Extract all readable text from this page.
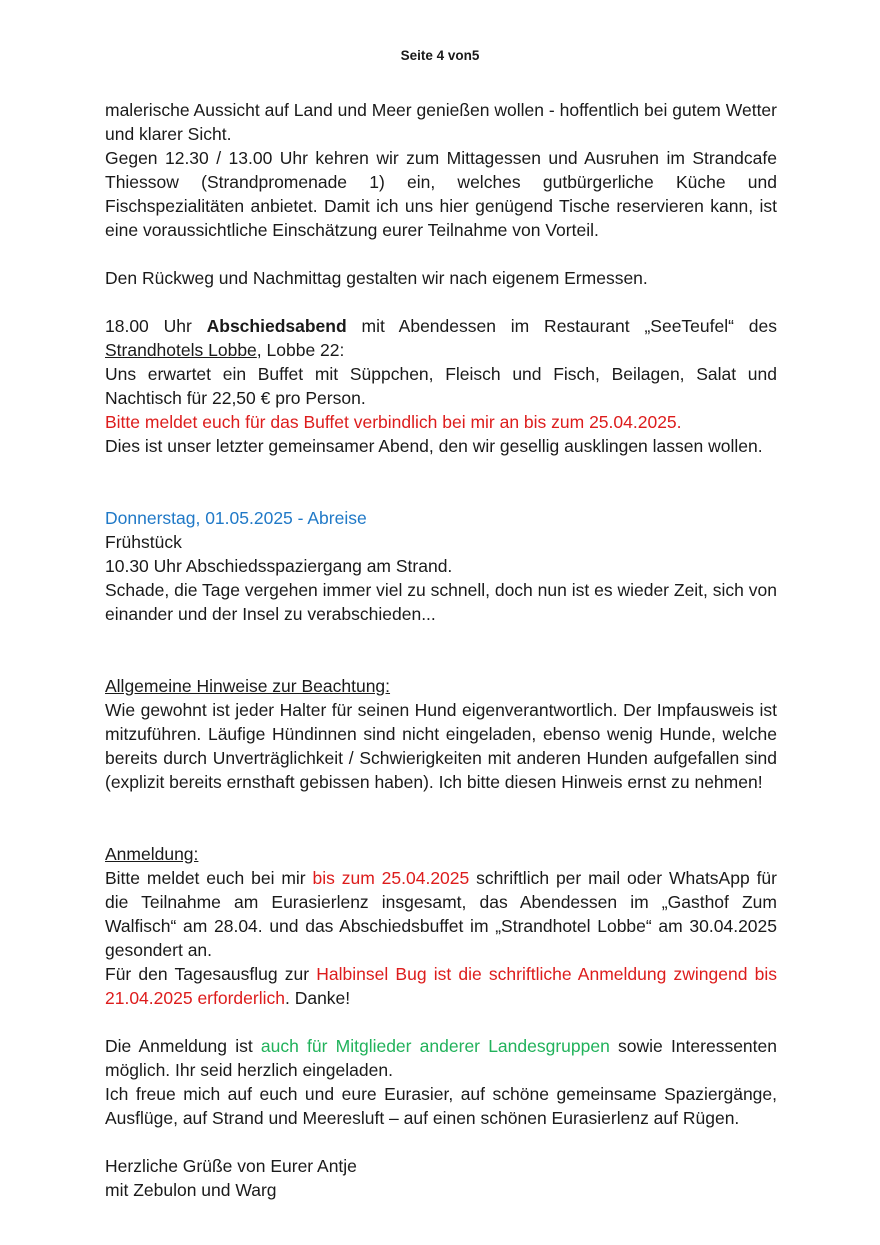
Seite 4 von5

malerische Aussicht auf Land und Meer genießen wollen - hoffentlich bei gutem Wetter und klarer Sicht.

Gegen 12.30 / 13.00 Uhr kehren wir zum Mittagessen und Ausruhen im Strandcafe Thiessow (Strandpromenade 1) ein, welches gutbürgerliche Küche und Fischspezialitäten anbietet. Damit ich uns hier genügend Tische reservieren kann, ist eine voraussichtliche Einschätzung eurer Teilnahme von Vorteil.

Den Rückweg und Nachmittag gestalten wir nach eigenem Ermessen.

18.00 Uhr Abschiedsabend mit Abendessen im Restaurant „SeeTeufel“ des Strandhotels Lobbe, Lobbe 22:

Uns erwartet ein Buffet mit Süppchen, Fleisch und Fisch, Beilagen, Salat und Nachtisch für 22,50 € pro Person.

Bitte meldet euch für das Buffet verbindlich bei mir an bis zum 25.04.2025.

Dies ist unser letzter gemeinsamer Abend, den wir gesellig ausklingen lassen wollen.

Donnerstag, 01.05.2025 - Abreise

Frühstück

10.30 Uhr Abschiedsspaziergang am Strand.

Schade, die Tage vergehen immer viel zu schnell, doch nun ist es wieder Zeit, sich von einander und der Insel zu verabschieden...

Allgemeine Hinweise zur Beachtung:

Wie gewohnt ist jeder Halter für seinen Hund eigenverantwortlich. Der Impfausweis ist mitzuführen. Läufige Hündinnen sind nicht eingeladen, ebenso wenig Hunde, welche bereits durch Unverträglichkeit / Schwierigkeiten mit anderen Hunden aufgefallen sind (explizit bereits ernsthaft gebissen haben). Ich bitte diesen Hinweis ernst zu nehmen!

Anmeldung:

Bitte meldet euch bei mir bis zum 25.04.2025 schriftlich per mail oder WhatsApp für die Teilnahme am Eurasierlenz insgesamt, das Abendessen im „Gasthof Zum Walfisch“ am 28.04. und das Abschiedsbuffet im „Strandhotel Lobbe“ am 30.04.2025 gesondert an.

Für den Tagesausflug zur Halbinsel Bug ist die schriftliche Anmeldung zwingend bis 21.04.2025 erforderlich. Danke!

Die Anmeldung ist auch für Mitglieder anderer Landesgruppen sowie Interessenten möglich. Ihr seid herzlich eingeladen.

Ich freue mich auf euch und eure Eurasier, auf schöne gemeinsame Spaziergänge, Ausflüge, auf Strand und Meeresluft – auf einen schönen Eurasierlenz auf Rügen.

Herzliche Grüße von Eurer Antje

mit Zebulon und Warg
